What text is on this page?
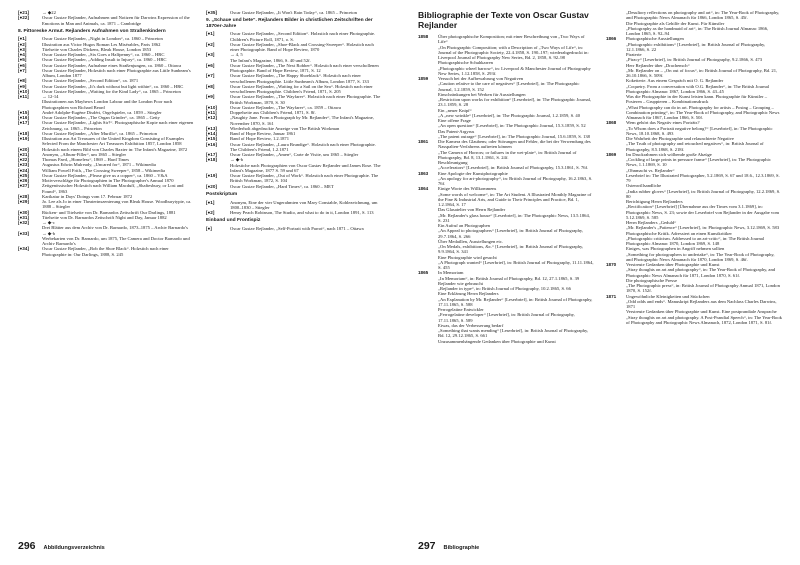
[●21]	→ ◆22
[●22]	Oscar Gustav Rejlander, Aufnahmen und Notizen für Darwins Expression of the Emotions in Man and Animals, ca. 1871 – Cambridge
8. Pittoreske Armut. Rejlanders Aufnahmen von Straßenkindern
[●1]	Oscar Gustav Rejlander, „Night in London“, ca. 1860 – Princeton
[●2]	Illustration aus Victor Hugos Roman Les Misérables, Paris 1862
[●3]	Titelseite von Charles Dickens, Bleak House, London 1853
[●4]	Oscar Gustav Rejlander, „Six Goes a Halfpenny“, ca. 1860 – HRC
[●5]	Oscar Gustav Rejlander, „Adding Insult to Injury“, ca. 1860 – HRC
[●6]	Oscar Gustav Rejlander, Aufnahme eines Straßenjungen, ca. 1860 – Ottawa
[●7]	Oscar Gustav Rejlander, Holzstich nach einer Photographie aus Little Sunbeam's Album, London 1877
[●8]	Oscar Gustav Rejlander, „Second Edition“, ca. 1871
[●9]	Oscar Gustav Rejlander, „It's dark without but light within“, ca. 1860 – HRC
[●10]	Oscar Gustav Rejlander, „Waiting for the Kind Lady“, ca. 1865 – Princeton
[●11]	→ 12-14
Illustrationen aus Mayhews London Labour and the London Poor nach Photographien von Richard Beard
[●15]	André Adolphe-Eugène Disdéri, Orgelspieler, ca. 1859 – Stiegler
[●16]	Oscar Gustav Rejlander, „The Organ Grinder“, ca. 1865 – Getty
[●17]	Oscar Gustav Rejlander, „Lights Sir?“. Photographische Kopie nach einer eigenen Zeichnung, ca. 1865 – Princeton
[●18]	Oscar Gustav Rejlander, „After Murillo“, ca. 1865 – Princeton
[●19]	Illustration aus Art Treasures of the United Kingdom Consisting of Examples Selected From the Manchester Art Treasures Exhibition 1857, London 1858
[●20]	Holzstich nach einem Bild von Charles Baxter in: The Infant's Magazine, 1872
[●21]	Anonym, „Album-Filler“, um 1865 – Stiegler
[●22]	Thomas Faed, „Homeless“, 1869 – Hard Times
[●23]	Augustus Edwin Mulready, „Uncared for“, 1871 – Wikimedia
[●24]	William Powell Frith, „The Crossing Sweeper“, 1858 – Wikimedia
[●25]	Oscar Gustav Rejlander, „Please give us a copper“, ca. 1860 – V&A
[●26]	Motivverschläge für Photographien in The Photographer's Annual 1870
[●27]	Zeitgenössischer Holzstich nach William Macduff, „Shaftesbury, or Lost and Found“, 1863
[●28]	Karikatur in Days' Doings vom 17. Februar 1872
[●29]	Jo. Lee als Jo in einer Theaterinszenierung von Bleak House. Woodburytypie, ca. 1888 – Stiegler
[●30]	Rücken- und Titelseite von Dr. Barnardos Zeitschrift Our Darlings, 1881
[●31]	Titelseite von Dr. Barnardos Zeitschrift Night and Day, Januar 1882
[●32]	→ ◆-c
Drei Blätter aus dem Archiv von Dr. Barnardo, 1873–1875 – Archiv Barnardo's
[●33]	→ ◆-b
Werbekarten von Dr. Barnardo, um 1875, The Camera and Doctor Barnardo und Archiv Barnardo's
[●34]	Oscar Gustav Rejlander, „Bob the Shoe Black“. Holzstich nach einer Photographie in: Our Darlings, 1888, S. 245
[●35]	Oscar Gustav Rejlander, „It Won't Rain Today“, ca. 1865 – Princeton
9. „Schaue und bete“. Rejlanders Bilder in christlichen Zeitschriften der 1870er-Jahre
[●1]	Oscar Gustav Rejlander, „Second Edition“. Holzstich nach einer Photographie. Children's Picture Roll, 1871, o. S.
[●2]	Oscar Gustav Rejlander, „Shoe-Black and Crossing-Sweeper“. Holzstich nach einer Photographie. Band of Hope Review, 1870
[●3]	→ 4, 5
The Infant's Magazine, 1866, S. 40 und 52f.
[●6]	Oscar Gustav Rejlander, „The Next Robber“. Holzstich nach einer verschollenen Photographie. Band of Hope Review, 1871, S. 12
[●7]	Oscar Gustav Rejlander, „The Happy Shoeblack“. Holzstich nach einer verschollenen Photographie. Little Sunbeam's Album, London 1877, S. 133
[●8]	Oscar Gustav Rejlander, „Waiting for a Sail on the Sea“. Holzstich nach einer verschollenen Photographie. Children's Friend, 1871, S. 205
[●9]	Oscar Gustav Rejlander, „The Wayfarer“. Holzstich nach einer Photographie. The British Workman, 1870, S. 30
[●10]	Oscar Gustav Rejlander, „The Wayfarer“, ca. 1859 – Ottawa
[●11]	Doppelseite aus Children's Friend, 1871, S. 8f.
[●12]	„Naughty Jane. From a Photograph by Mr. Rejlander“, The Infant's Magazine, November 1870, S. 161
[●13]	Wiederholt abgedruckte Anzeige von The British Workman
[●14]	Band of Hope Review, Januar 1861
[●15]	Band of Hope Review, 1.2.1871
[●16]	Oscar Gustav Rejlander, „Laura Brundige“. Holzstich nach einer Photographie. The Children's Friend, 1.2.1871
[●17]	Oscar Gustav Rejlander, „Amen“, Carte de Visite, um 1865 – Stiegler
[●18]	→ ◆-b
Holzstiche nach Photographien von Oscar Gustav Rejlander und James Rose. The Infant's Magazine, 1877 S. 59 und 67
[●19]	Oscar Gustav Rejlander, „Out of Work“. Holzstich nach einer Photographie. The British Workman, 1872, S. 104
[●20]	Oscar Gustav Rejlander, „Hard Times“, ca. 1860 – MET
Postskriptum
[●1]	Anonym, Eine der vier Ungerahmten von Mary Constable, Kohlezeichnung, um 1800–1830 – Stiegler
[●2]	Henry Peach Robinson, The Studio, and what to do in it, London 1891, S. 113
Einband und Frontispiz
[●]	Oscar Gustav Rejlander, „Self-Portrait with Parrot“, nach 1871 – Ottawa
296 Abbildungsverzeichnis
Bibliographie der Texte von Oscar Gustav Rejlander
1858	Über photographische Komposition; mit einer Beschreibung von „Two Ways of Life“
„On Photographic Composition; with a Description of „Two Ways of Life“, in: Journal of the Photographic Society, 22.4.1858, S. 190–197; wiederabgedruckt in: Liverpool Journal of Photography New Series, Bd. 2, 1858, S. 92–98
Photographische Schuhkarren
„Photographic wheel barrow“, in: Liverpool & Manchester Journal of Photography New Series, 1.12.1858, S. 293f.
1859	Versuch bei der Aufbewahrung von Negativen
„Caution relative to the care of negatives“ [Leserbrief], in: The Photographic Journal, 1.2.1859, S. 152
Einschränkungen bei Werken für Ausstellungen
„Restriction upon works for exhibition“ [Leserbrief], in: The Photographic Journal, 23.1.1859, S. 28
Ein „neuer Knipf“
„A „new wrinkle“ [Leserbrief], in: The Photographic Journal, 1.2.1859, S. 40
Eine offene Frage
„An open question“ [Leserbrief], in: The Photographic Journal, 15.3.1859, S. 52
Das Patent-Argyrus
„The patent outrage“ [Leserbrief], in: The Photographic Journal, 15.6.1859, S. 138
1861	Die Kamera des Glaubens; oder Störungen und Fehler, die bei der Verwendung des Nasspalten-Verfahrens auftreten können
„The Camera of Horrors; or failures in the wet-plate“, in: British Journal of Photography, Bd. 8, 13.1.1861, S. 24f.
Beschleunigung
„Accelerators“ [Leserbrief], in: British Journal of Photography, 15.3.1861, S. 76f.
1863	Eine Apologie der Kunstphotographie
„An apology for art-photography“, in: British Journal of Photography, 16.2.1863, S. 76f.
1864	Einige Worte des Willkommens
„Some words of welcome“, in: The Art Student. A Illustrated Monthly Magazine of the Fine & Industrial Arts, and Guide to Their Principles and Practice, Bd. 1, 1.2.1864, S. 17
Das Glasatelier von Herrn Rejlander
„Mr. Rejlander's glass house“ [Leserbrief], in: The Photographic News, 13.5.1864, S. 231
Ein Aufruf an Photographen
„An Appeal to photographers“ [Leserbrief], in: British Journal of Photography, 29.7.1864, S. 266
Über Medaillen, Ausstellungen etc.
„On Medals, exhibitions, &c.“ [Leserbrief], in: British Journal of Photography, 9.9.1864, S. 341
Eine Photographie wird gesucht
„A Photograph wanted“ [Leserbrief], in: British Journal of Photography, 11.11.1864, S. 455
1865	In Memoriam
„In Memoriam“, in: British Journal of Photography, Bd. 12, 27.1.1865, S. 39
Rejlander wie gebraucht
„Rejlander in type“, in: British Journal of Photography, 10.2.1865, S. 66
Eine Erklärung Herrn Rejlanders
„An Explanation by Mr. Rejlander“ [Leserbrief], in: British Journal of Photography, 17.11.1865, S. 588
Perrogelatine Entwickler
„Ferrogelatine developer“ [Leserbrief], in: British Journal of Photography, 17.11.1865, S. 589
Etwas, das der Verbesserung bedarf
„Something that wants mending“ [Leserbrief], in: British Journal of Photography, Bd. 12, 29.12.1865, S. 661
Unzusammenhängende Gedanken über Photographie und Kunst
„Desultory reflections on photography and art“, in: The Year-Book of Photography, and Photographic News Almanach für 1866, London 1865, S. 45f.
Die Photographie als Gehilfe der Kunst. Für Künstler
„Photography as the handmaid of art“, in: The British Journal Almanac 1866, London 1865, S. 92–94
1866	Photographische Ausstellungen
„Photographic exhibitions“ [Leserbrief], in: British Journal of Photography, 12.1.1866, S. 22
Piraterie
„Piracy“ [Leserbrief], in: British Journal of Photography, 9.2.1866, S. 473
Herr Rejlander über „Drachensch“
„Mr. Rejlander on – „On out of focus“, in: British Journal of Photography, Bd. 21, 26.10.1866, S. 509f.
Koketterie. Aus einem Gespräch mit O. G. Rejlander
„Coquetry. From a conversation with O.G. Rejlander“, in: The British Journal Photographic Almanac 1867, London 1866, S. 43–45
Was die Photographie in der Kunst leisten kann. Photographie für Künstler – Posieren – Gruppieren – Kombinationsdruck
„What Photography can do in art. Photography for artists – Posing – Grouping – Combination printing“, in: The Year-Book of Photography, and Photographic News Almanach für 1867, London 1866, S. 50f.
1868	Wem gehört das Negativ eines Porträts?
„To Whom does a Portrait negative belong?“ [Leserbrief], in: The Photographic News, 18.10.1868, S. 493
Die Wahrheit der Photographie und relaunchierte Negative
„The Truth of photography and retouched negatives“, in: British Journal of Photography, 8.5.1868, S. 218f.
1869	Im Druckrahmen sich wölbende große Abzüge
„Cockling of large prints in pressure frame“ [Leserbrief], in: The Photographic News, 1.1.1869, S. 10
„Ohnmacht vs. Rejlander“
Leserbrief in: The Illustrated Photographer, 5.2.1869, S. 67 und 18.6., 12.3.1869, S. 79
Ostenwillsandliche
„India rubber gloves“ [Leserbrief], in: British Journal of Photography, 12.2.1869, S. 80
Berichtigung Herrn Rejlanders
„Rectification“ [Leserbrief] [Übernahme aus der Times vom 3.1.1869], in: Photographic News, S. 23; sowie der Leserbrief von Rejlander in der Ausgabe vom 5.12.1869, S. 585
Herrn Rejlanders „Geduld“
„Mr. Rejlander's „Patience“ [Leserbrief], in: Photographic News, 3.12.1869, S. 583
Photographische Kritik. Adressiert an einen Kunstkritiker
„Photographic criticism. Addressed to an art-critic“, in: The British Journal Photographic Almanac 1870, London 1869, S. 148
Einiges, was Photographen in Angriff nehmen sollten
„Something for photographers to undertake“, in: The Year-Book of Photography, and Photographic News Almanach für 1870, London 1869, S. 46f.
1870	Verstreute Gedanken über Photographie und Kunst
„Stray thoughts on art and photography“, in: The Year-Book of Photography, and Photographic News Almanach für 1871, London 1870, S. 61f.
Die photographische Presse
„The Photographic press“, in: British Journal of Photography Annual 1871, London 1870, S. 152f.
1871	Ungewöhnliche Kleinigkeiten und Stückchen
„Odd odds and ends“. Manuskript Rejlanders aus dem Nachlass Charles Darwins, 1871
Verstreute Gedanken über Photographie und Kunst. Eine postprandiale Ansprache
„Stray thoughts on art and photography. A Post-Prandial Speech“, in: The Year-Book of Photography and Photographic News Almanach, 1872, London 1871, S. 81f.
297 Bibliographie
